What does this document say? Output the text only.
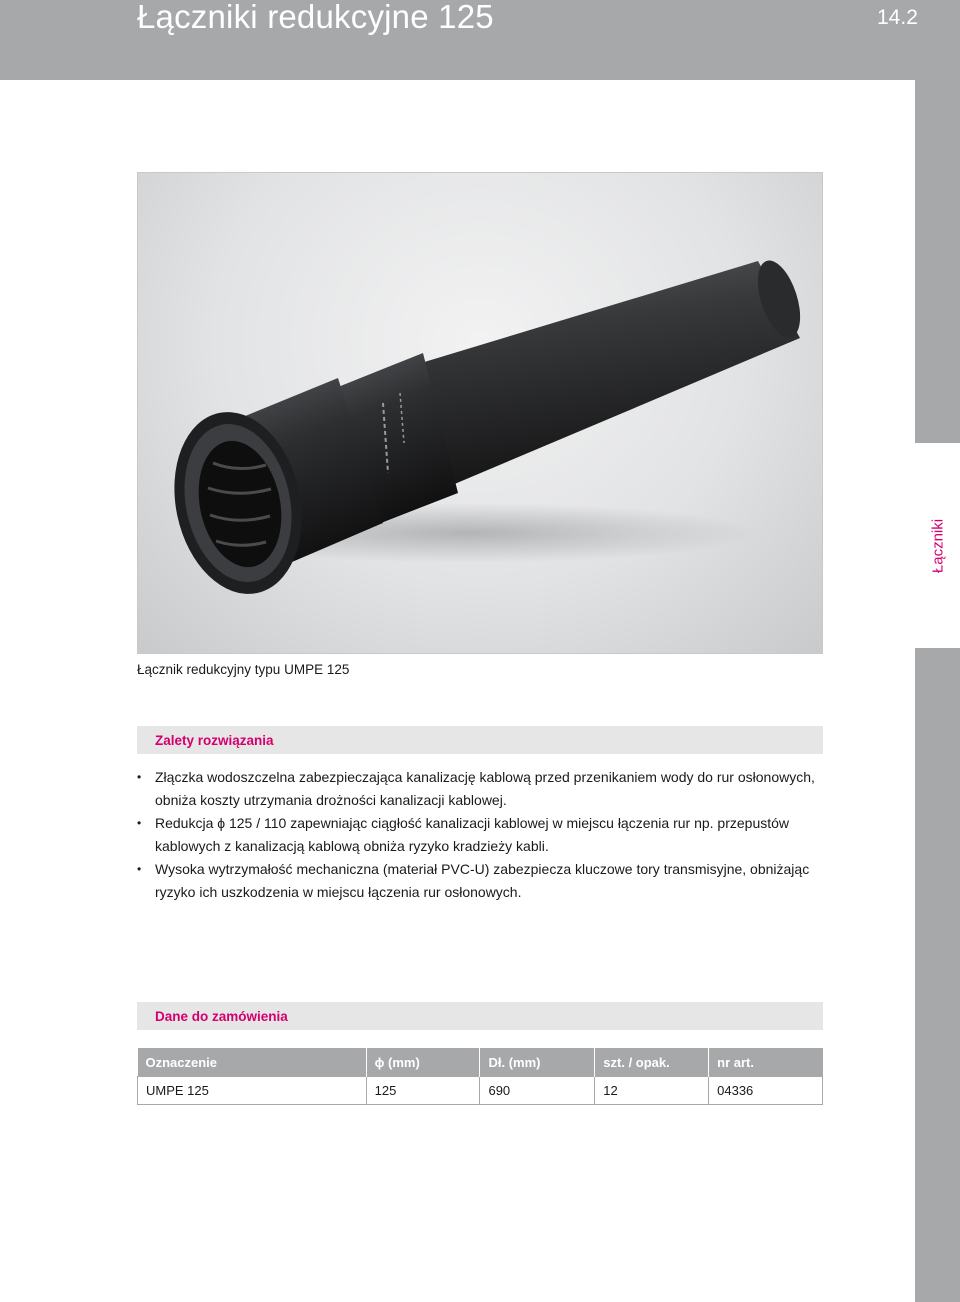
Łączniki redukcyjne 125	14.2
Łączniki
Łącznik redukcyjny typu UMPE 125
Zalety rozwiązania
• Złączka wodoszczelna zabezpieczająca kanalizację kablową przed przenikaniem wody do rur osłonowych, obniża koszty utrzymania drożności kanalizacji kablowej.
• Redukcja ϕ 125 / 110 zapewniając ciągłość kanalizacji kablowej w miejscu łączenia rur np. przepustów kablowych z kanalizacją kablową obniża ryzyko kradzieży kabli.
• Wysoka wytrzymałość mechaniczna (materiał PVC-U) zabezpiecza kluczowe tory transmisyjne, obniżając ryzyko ich uszkodzenia w miejscu łączenia rur osłonowych.
Dane do zamówienia
Oznaczenie	ϕ (mm)	Dł. (mm)	szt. / opak.	nr art.
UMPE 125	125	690	12	04336
